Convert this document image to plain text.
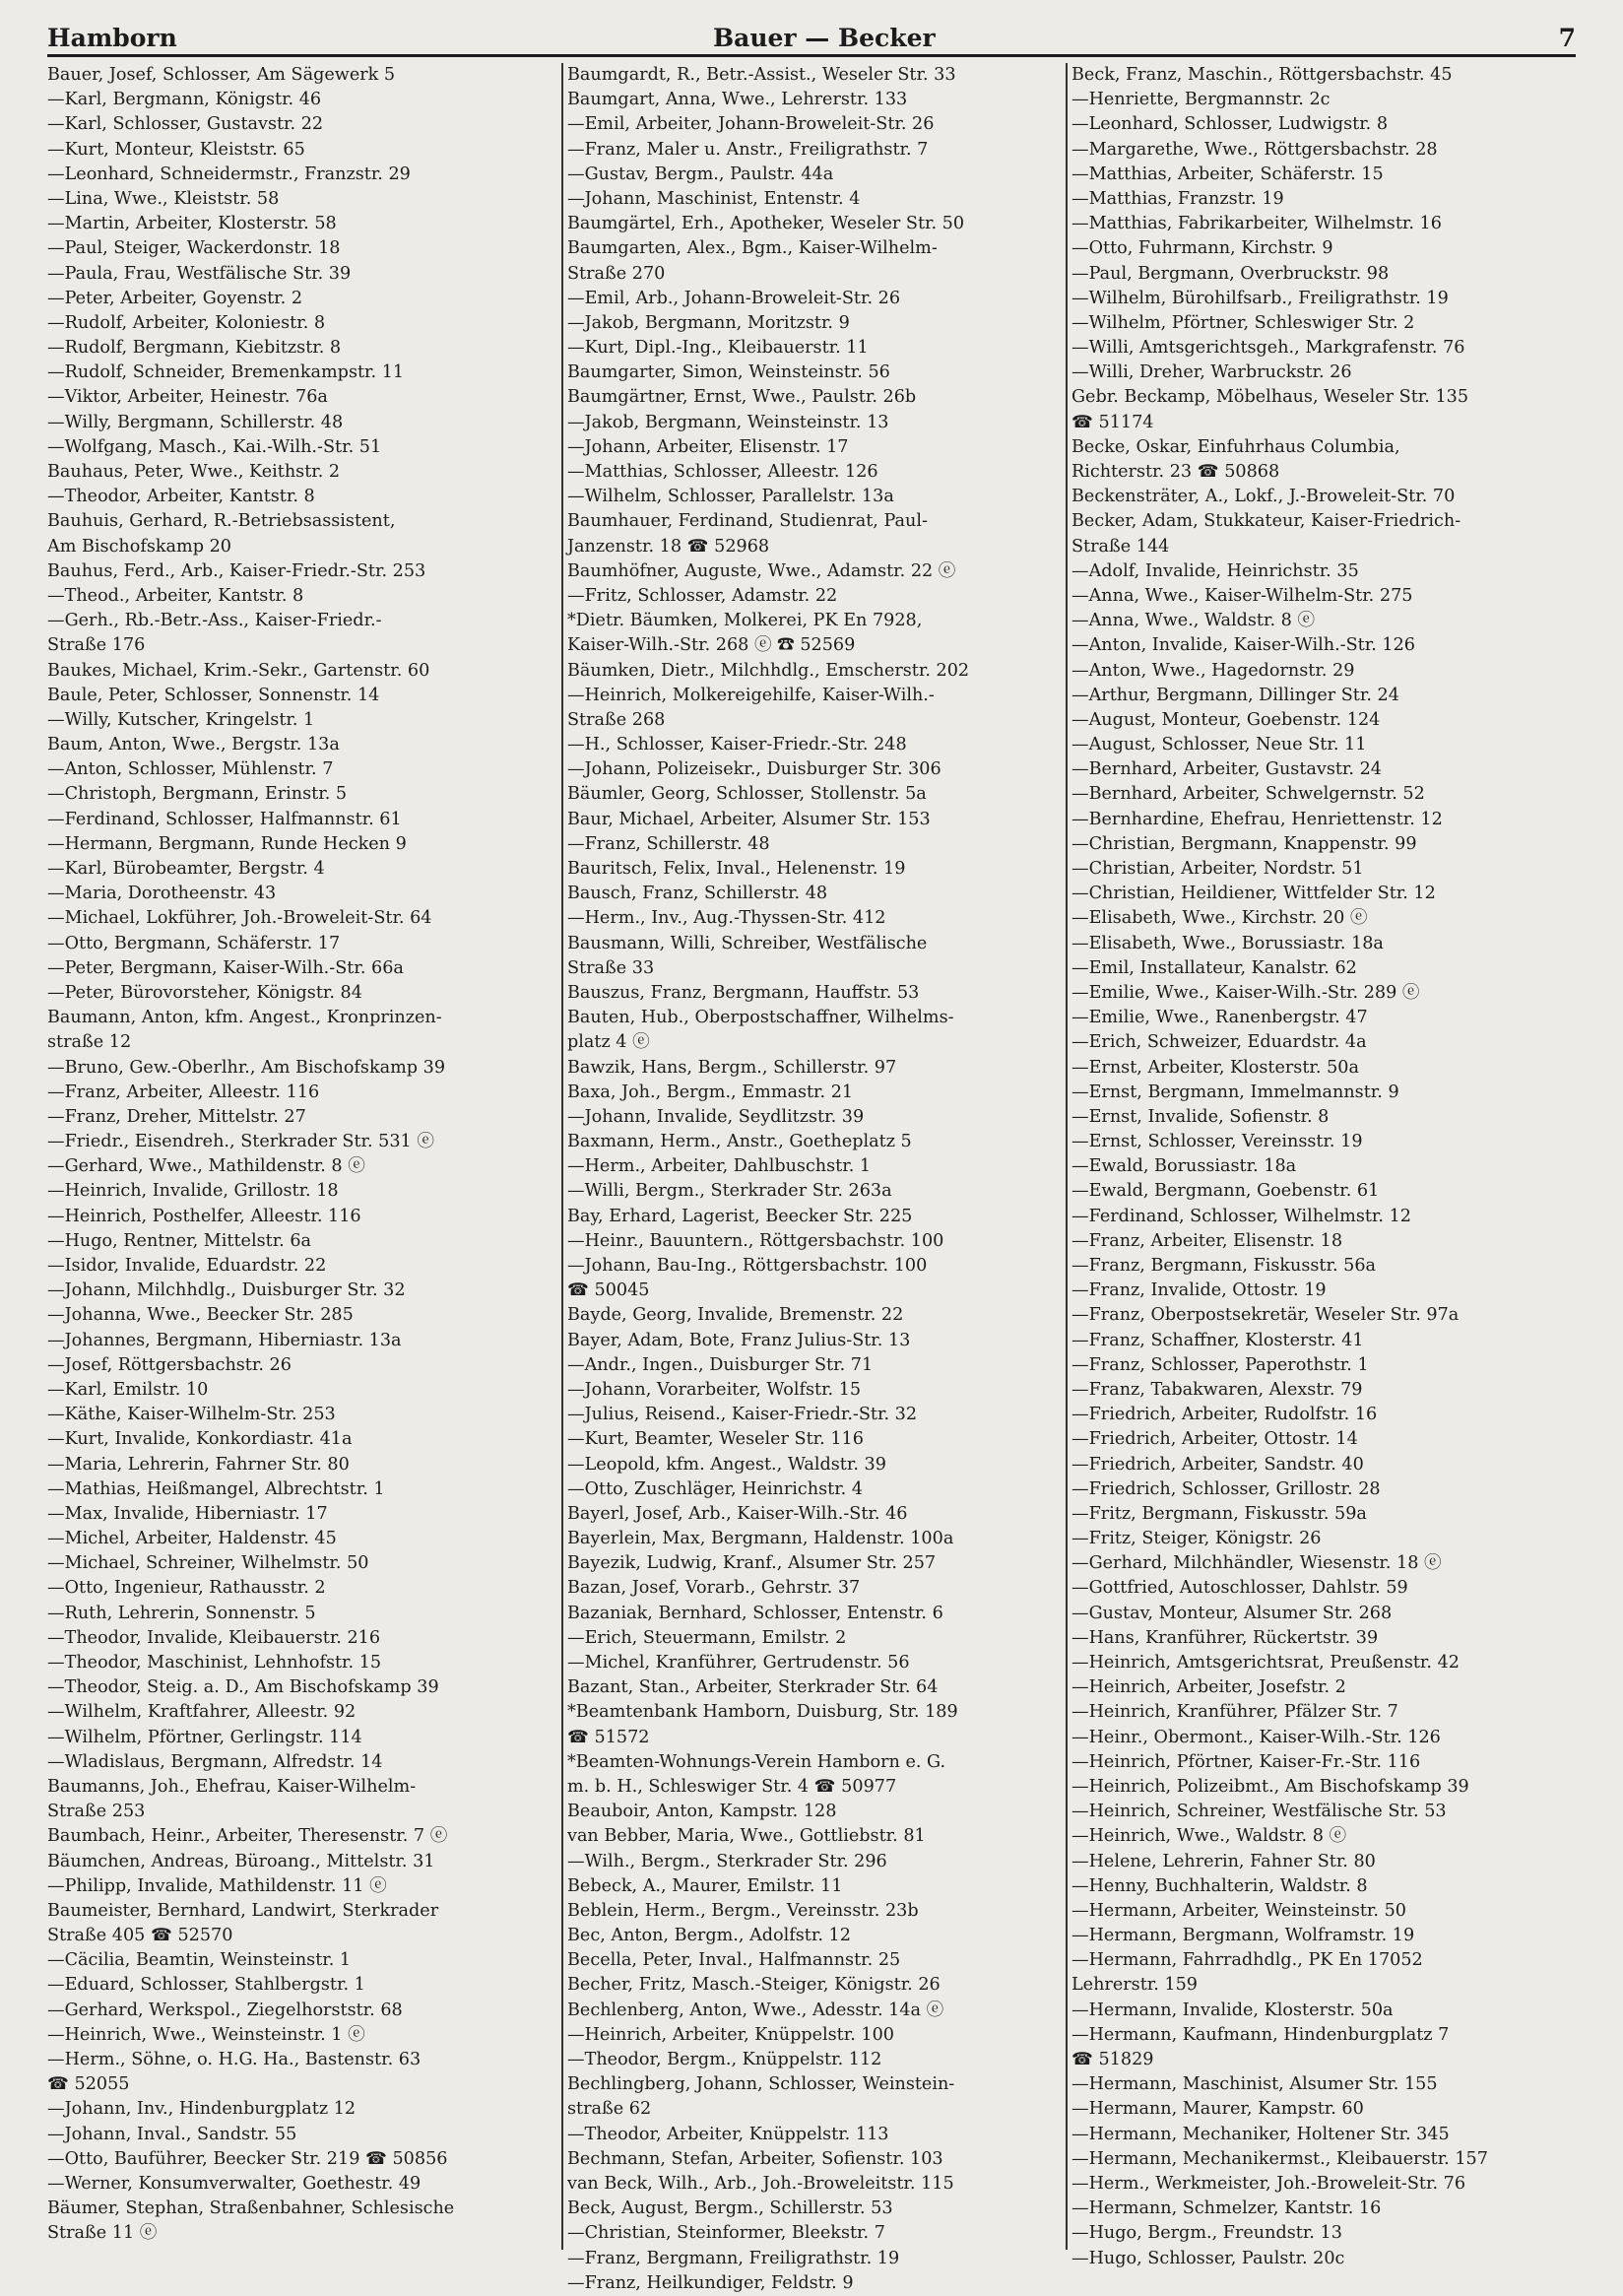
Hamborn	Bauer — Becker	7
Bauer, Josef, Schlosser, Am Sägewerk 5
—Karl, Bergmann, Königstr. 46
—Karl, Schlosser, Gustavstr. 22
—Kurt, Monteur, Kleiststr. 65
—Leonhard, Schneidermstr., Franzstr. 29
—Lina, Wwe., Kleiststr. 58
—Martin, Arbeiter, Klosterstr. 58
—Paul, Steiger, Wackerdonstr. 18
—Paula, Frau, Westfälische Str. 39
—Peter, Arbeiter, Goyenstr. 2
—Rudolf, Arbeiter, Koloniestr. 8
—Rudolf, Bergmann, Kiebitzstr. 8
—Rudolf, Schneider, Bremenkampstr. 11
—Viktor, Arbeiter, Heinestr. 76a
—Willy, Bergmann, Schillerstr. 48
—Wolfgang, Masch., Kai.-Wilh.-Str. 51
Bauhaus, Peter, Wwe., Keithstr. 2
—Theodor, Arbeiter, Kantstr. 8
Bauhuis, Gerhard, R.-Betriebsassistent,
Am Bischofskamp 20
Bauhus, Ferd., Arb., Kaiser-Friedr.-Str. 253
—Theod., Arbeiter, Kantstr. 8
—Gerh., Rb.-Betr.-Ass., Kaiser-Friedr.-
Straße 176
Baukes, Michael, Krim.-Sekr., Gartenstr. 60
Baule, Peter, Schlosser, Sonnenstr. 14
—Willy, Kutscher, Kringelstr. 1
Baum, Anton, Wwe., Bergstr. 13a
—Anton, Schlosser, Mühlenstr. 7
—Christoph, Bergmann, Erinstr. 5
—Ferdinand, Schlosser, Halfmannstr. 61
—Hermann, Bergmann, Runde Hecken 9
—Karl, Bürobeamter, Bergstr. 4
—Maria, Dorotheenstr. 43
—Michael, Lokführer, Joh.-Broweleit-Str. 64
—Otto, Bergmann, Schäferstr. 17
—Peter, Bergmann, Kaiser-Wilh.-Str. 66a
—Peter, Bürovorsteher, Königstr. 84
Baumann, Anton, kfm. Angest., Kronprinzen-
straße 12
—Bruno, Gew.-Oberlhr., Am Bischofskamp 39
—Franz, Arbeiter, Alleestr. 116
—Franz, Dreher, Mittelstr. 27
—Friedr., Eisendreh., Sterkrader Str. 531 ⓔ
—Gerhard, Wwe., Mathildenstr. 8 ⓔ
—Heinrich, Invalide, Grillostr. 18
—Heinrich, Posthelfer, Alleestr. 116
—Hugo, Rentner, Mittelstr. 6a
—Isidor, Invalide, Eduardstr. 22
—Johann, Milchhdlg., Duisburger Str. 32
—Johanna, Wwe., Beecker Str. 285
—Johannes, Bergmann, Hiberniastr. 13a
—Josef, Röttgersbachstr. 26
—Karl, Emilstr. 10
—Käthe, Kaiser-Wilhelm-Str. 253
—Kurt, Invalide, Konkordiastr. 41a
—Maria, Lehrerin, Fahrner Str. 80
—Mathias, Heißmangel, Albrechtstr. 1
—Max, Invalide, Hiberniastr. 17
—Michel, Arbeiter, Haldenstr. 45
—Michael, Schreiner, Wilhelmstr. 50
—Otto, Ingenieur, Rathausstr. 2
—Ruth, Lehrerin, Sonnenstr. 5
—Theodor, Invalide, Kleibauerstr. 216
—Theodor, Maschinist, Lehnhofstr. 15
—Theodor, Steig. a. D., Am Bischofskamp 39
—Wilhelm, Kraftfahrer, Alleestr. 92
—Wilhelm, Pförtner, Gerlingstr. 114
—Wladislaus, Bergmann, Alfredstr. 14
Baumanns, Joh., Ehefrau, Kaiser-Wilhelm-
Straße 253
Baumbach, Heinr., Arbeiter, Theresenstr. 7 ⓔ
Bäumchen, Andreas, Büroang., Mittelstr. 31
—Philipp, Invalide, Mathildenstr. 11 ⓔ
Baumeister, Bernhard, Landwirt, Sterkrader
Straße 405 ☎ 52570
—Cäcilia, Beamtin, Weinsteinstr. 1
—Eduard, Schlosser, Stahlbergstr. 1
—Gerhard, Werkspol., Ziegelhorststr. 68
—Heinrich, Wwe., Weinsteinstr. 1 ⓔ
—Herm., Söhne, o. H.G. Ha., Bastenstr. 63
☎ 52055
—Johann, Inv., Hindenburgplatz 12
—Johann, Inval., Sandstr. 55
—Otto, Bauführer, Beecker Str. 219 ☎ 50856
—Werner, Konsumverwalter, Goethestr. 49
Bäumer, Stephan, Straßenbahner, Schlesische
Straße 11 ⓔ
Baumgardt, R., Betr.-Assist., Weseler Str. 33
Baumgart, Anna, Wwe., Lehrerstr. 133
—Emil, Arbeiter, Johann-Broweleit-Str. 26
—Franz, Maler u. Anstr., Freiligrathstr. 7
—Gustav, Bergm., Paulstr. 44a
—Johann, Maschinist, Entenstr. 4
Baumgärtel, Erh., Apotheker, Weseler Str. 50
Baumgarten, Alex., Bgm., Kaiser-Wilhelm-
Straße 270
—Emil, Arb., Johann-Broweleit-Str. 26
—Jakob, Bergmann, Moritzstr. 9
—Kurt, Dipl.-Ing., Kleibauerstr. 11
Baumgarter, Simon, Weinsteinstr. 56
Baumgärtner, Ernst, Wwe., Paulstr. 26b
—Jakob, Bergmann, Weinsteinstr. 13
—Johann, Arbeiter, Elisenstr. 17
—Matthias, Schlosser, Alleestr. 126
—Wilhelm, Schlosser, Parallelstr. 13a
Baumhauer, Ferdinand, Studienrat, Paul-
Janzenstr. 18 ☎ 52968
Baumhöfner, Auguste, Wwe., Adamstr. 22 ⓔ
—Fritz, Schlosser, Adamstr. 22
*Dietr. Bäumken, Molkerei, PK En 7928,
Kaiser-Wilh.-Str. 268 ⓔ ☎ 52569
Bäumken, Dietr., Milchhdlg., Emscherstr. 202
—Heinrich, Molkereigehilfe, Kaiser-Wilh.-
Straße 268
—H., Schlosser, Kaiser-Friedr.-Str. 248
—Johann, Polizeisekr., Duisburger Str. 306
Bäumler, Georg, Schlosser, Stollenstr. 5a
Baur, Michael, Arbeiter, Alsumer Str. 153
—Franz, Schillerstr. 48
Bauritsch, Felix, Inval., Helenenstr. 19
Bausch, Franz, Schillerstr. 48
—Herm., Inv., Aug.-Thyssen-Str. 412
Bausmann, Willi, Schreiber, Westfälische
Straße 33
Bauszus, Franz, Bergmann, Hauffstr. 53
Bauten, Hub., Oberpostschaffner, Wilhelms-
platz 4 ⓔ
Bawzik, Hans, Bergm., Schillerstr. 97
Baxa, Joh., Bergm., Emmastr. 21
—Johann, Invalide, Seydlitzstr. 39
Baxmann, Herm., Anstr., Goetheplatz 5
—Herm., Arbeiter, Dahlbuschstr. 1
—Willi, Bergm., Sterkrader Str. 263a
Bay, Erhard, Lagerist, Beecker Str. 225
—Heinr., Bauuntern., Röttgersbachstr. 100
—Johann, Bau-Ing., Röttgersbachstr. 100
☎ 50045
Bayde, Georg, Invalide, Bremenstr. 22
Bayer, Adam, Bote, Franz Julius-Str. 13
—Andr., Ingen., Duisburger Str. 71
—Johann, Vorarbeiter, Wolfstr. 15
—Julius, Reisend., Kaiser-Friedr.-Str. 32
—Kurt, Beamter, Weseler Str. 116
—Leopold, kfm. Angest., Waldstr. 39
—Otto, Zuschläger, Heinrichstr. 4
Bayerl, Josef, Arb., Kaiser-Wilh.-Str. 46
Bayerlein, Max, Bergmann, Haldenstr. 100a
Bayezik, Ludwig, Kranf., Alsumer Str. 257
Bazan, Josef, Vorarb., Gehrstr. 37
Bazaniak, Bernhard, Schlosser, Entenstr. 6
—Erich, Steuermann, Emilstr. 2
—Michel, Kranführer, Gertrudenstr. 56
Bazant, Stan., Arbeiter, Sterkrader Str. 64
*Beamtenbank Hamborn, Duisburg, Str. 189
☎ 51572
*Beamten-Wohnungs-Verein Hamborn e. G.
m. b. H., Schleswiger Str. 4 ☎ 50977
Beauboir, Anton, Kampstr. 128
van Bebber, Maria, Wwe., Gottliebstr. 81
—Wilh., Bergm., Sterkrader Str. 296
Bebeck, A., Maurer, Emilstr. 11
Beblein, Herm., Bergm., Vereinsstr. 23b
Bec, Anton, Bergm., Adolfstr. 12
Becella, Peter, Inval., Halfmannstr. 25
Becher, Fritz, Masch.-Steiger, Königstr. 26
Bechlenberg, Anton, Wwe., Adesstr. 14a ⓔ
—Heinrich, Arbeiter, Knüppelstr. 100
—Theodor, Bergm., Knüppelstr. 112
Bechlingberg, Johann, Schlosser, Weinstein-
straße 62
—Theodor, Arbeiter, Knüppelstr. 113
Bechmann, Stefan, Arbeiter, Sofienstr. 103
van Beck, Wilh., Arb., Joh.-Broweleitstr. 115
Beck, August, Bergm., Schillerstr. 53
—Christian, Steinformer, Bleekstr. 7
—Franz, Bergmann, Freiligrathstr. 19
—Franz, Heilkundiger, Feldstr. 9
Beck, Franz, Maschin., Röttgersbachstr. 45
—Henriette, Bergmannstr. 2c
—Leonhard, Schlosser, Ludwigstr. 8
—Margarethe, Wwe., Röttgersbachstr. 28
—Matthias, Arbeiter, Schäferstr. 15
—Matthias, Franzstr. 19
—Matthias, Fabrikarbeiter, Wilhelmstr. 16
—Otto, Fuhrmann, Kirchstr. 9
—Paul, Bergmann, Overbruckstr. 98
—Wilhelm, Bürohilfsarb., Freiligrathstr. 19
—Wilhelm, Pförtner, Schleswiger Str. 2
—Willi, Amtsgerichtsgeh., Markgrafenstr. 76
—Willi, Dreher, Warbruckstr. 26
Gebr. Beckamp, Möbelhaus, Weseler Str. 135
☎ 51174
Becke, Oskar, Einfuhrhaus Columbia,
Richterstr. 23 ☎ 50868
Beckensträter, A., Lokf., J.-Broweleit-Str. 70
Becker, Adam, Stukkateur, Kaiser-Friedrich-
Straße 144
—Adolf, Invalide, Heinrichstr. 35
—Anna, Wwe., Kaiser-Wilhelm-Str. 275
—Anna, Wwe., Waldstr. 8 ⓔ
—Anton, Invalide, Kaiser-Wilh.-Str. 126
—Anton, Wwe., Hagedornstr. 29
—Arthur, Bergmann, Dillinger Str. 24
—August, Monteur, Goebenstr. 124
—August, Schlosser, Neue Str. 11
—Bernhard, Arbeiter, Gustavstr. 24
—Bernhard, Arbeiter, Schwelgernstr. 52
—Bernhardine, Ehefrau, Henriettenstr. 12
—Christian, Bergmann, Knappenstr. 99
—Christian, Arbeiter, Nordstr. 51
—Christian, Heildiener, Wittfelder Str. 12
—Elisabeth, Wwe., Kirchstr. 20 ⓔ
—Elisabeth, Wwe., Borussiastr. 18a
—Emil, Installateur, Kanalstr. 62
—Emilie, Wwe., Kaiser-Wilh.-Str. 289 ⓔ
—Emilie, Wwe., Ranenbergstr. 47
—Erich, Schweizer, Eduardstr. 4a
—Ernst, Arbeiter, Klosterstr. 50a
—Ernst, Bergmann, Immelmannstr. 9
—Ernst, Invalide, Sofienstr. 8
—Ernst, Schlosser, Vereinsstr. 19
—Ewald, Borussiastr. 18a
—Ewald, Bergmann, Goebenstr. 61
—Ferdinand, Schlosser, Wilhelmstr. 12
—Franz, Arbeiter, Elisenstr. 18
—Franz, Bergmann, Fiskusstr. 56a
—Franz, Invalide, Ottostr. 19
—Franz, Oberpostsekretär, Weseler Str. 97a
—Franz, Schaffner, Klosterstr. 41
—Franz, Schlosser, Paperothstr. 1
—Franz, Tabakwaren, Alexstr. 79
—Friedrich, Arbeiter, Rudolfstr. 16
—Friedrich, Arbeiter, Ottostr. 14
—Friedrich, Arbeiter, Sandstr. 40
—Friedrich, Schlosser, Grillostr. 28
—Fritz, Bergmann, Fiskusstr. 59a
—Fritz, Steiger, Königstr. 26
—Gerhard, Milchhändler, Wiesenstr. 18 ⓔ
—Gottfried, Autoschlosser, Dahlstr. 59
—Gustav, Monteur, Alsumer Str. 268
—Hans, Kranführer, Rückertstr. 39
—Heinrich, Amtsgerichtsrat, Preußenstr. 42
—Heinrich, Arbeiter, Josefstr. 2
—Heinrich, Kranführer, Pfälzer Str. 7
—Heinr., Obermont., Kaiser-Wilh.-Str. 126
—Heinrich, Pförtner, Kaiser-Fr.-Str. 116
—Heinrich, Polizeibmt., Am Bischofskamp 39
—Heinrich, Schreiner, Westfälische Str. 53
—Heinrich, Wwe., Waldstr. 8 ⓔ
—Helene, Lehrerin, Fahner Str. 80
—Henny, Buchhalterin, Waldstr. 8
—Hermann, Arbeiter, Weinsteinstr. 50
—Hermann, Bergmann, Wolframstr. 19
—Hermann, Fahrradhdlg., PK En 17052
Lehrerstr. 159
—Hermann, Invalide, Klosterstr. 50a
—Hermann, Kaufmann, Hindenburgplatz 7
☎ 51829
—Hermann, Maschinist, Alsumer Str. 155
—Hermann, Maurer, Kampstr. 60
—Hermann, Mechaniker, Holtener Str. 345
—Hermann, Mechanikermst., Kleibauerstr. 157
—Herm., Werkmeister, Joh.-Broweleit-Str. 76
—Hermann, Schmelzer, Kantstr. 16
—Hugo, Bergm., Freundstr. 13
—Hugo, Schlosser, Paulstr. 20c
